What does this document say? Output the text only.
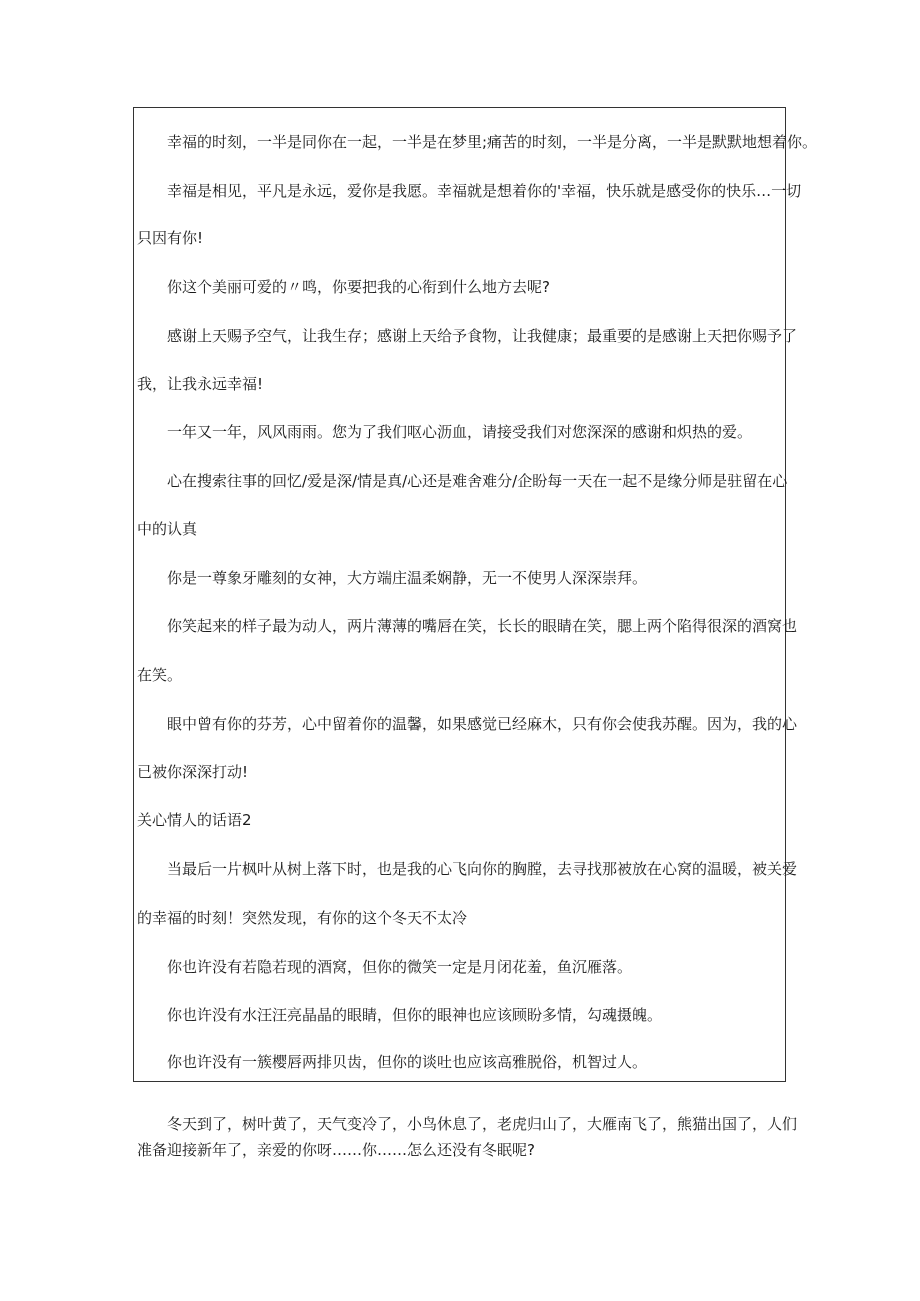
幸福的时刻，一半是同你在一起，一半是在梦里;痛苦的时刻，一半是分离，一半是默默地想着你。
幸福是相见，平凡是永远，爱你是我愿。幸福就是想着你的'幸福，快乐就是感受你的快乐…一切
只因有你!
你这个美丽可爱的〃鸣，你要把我的心衔到什么地方去呢?
感谢上天赐予空气，让我生存；感谢上天给予食物，让我健康；最重要的是感谢上天把你赐予了
我，让我永远幸福!
一年又一年，风风雨雨。您为了我们呕心沥血，请接受我们对您深深的感谢和炽热的爱。
心在搜索往事的回忆/爱是深/情是真/心还是难舍难分/企盼每一天在一起不是缘分师是驻留在心
中的认真
你是一尊象牙雕刻的女神，大方端庄温柔娴静，无一不使男人深深崇拜。
你笑起来的样子最为动人，两片薄薄的嘴唇在笑，长长的眼睛在笑，腮上两个陷得很深的酒窝也
在笑。
眼中曾有你的芬芳，心中留着你的温馨，如果感觉已经麻木，只有你会使我苏醒。因为，我的心
已被你深深打动!
关心情人的话语2
当最后一片枫叶从树上落下时，也是我的心飞向你的胸膛，去寻找那被放在心窝的温暖，被关爱
的幸福的时刻！突然发现，有你的这个冬天不太冷
你也许没有若隐若现的酒窝，但你的微笑一定是月闭花羞，鱼沉雁落。
你也许没有水汪汪亮晶晶的眼睛，但你的眼神也应该顾盼多情，勾魂摄魄。
你也许没有一簇樱唇两排贝齿，但你的谈吐也应该高雅脱俗，机智过人。
冬天到了，树叶黄了，天气变冷了，小鸟休息了，老虎归山了，大雁南飞了，熊猫出国了，人们
准备迎接新年了，亲爱的你呀……你……怎么还没有冬眠呢?
